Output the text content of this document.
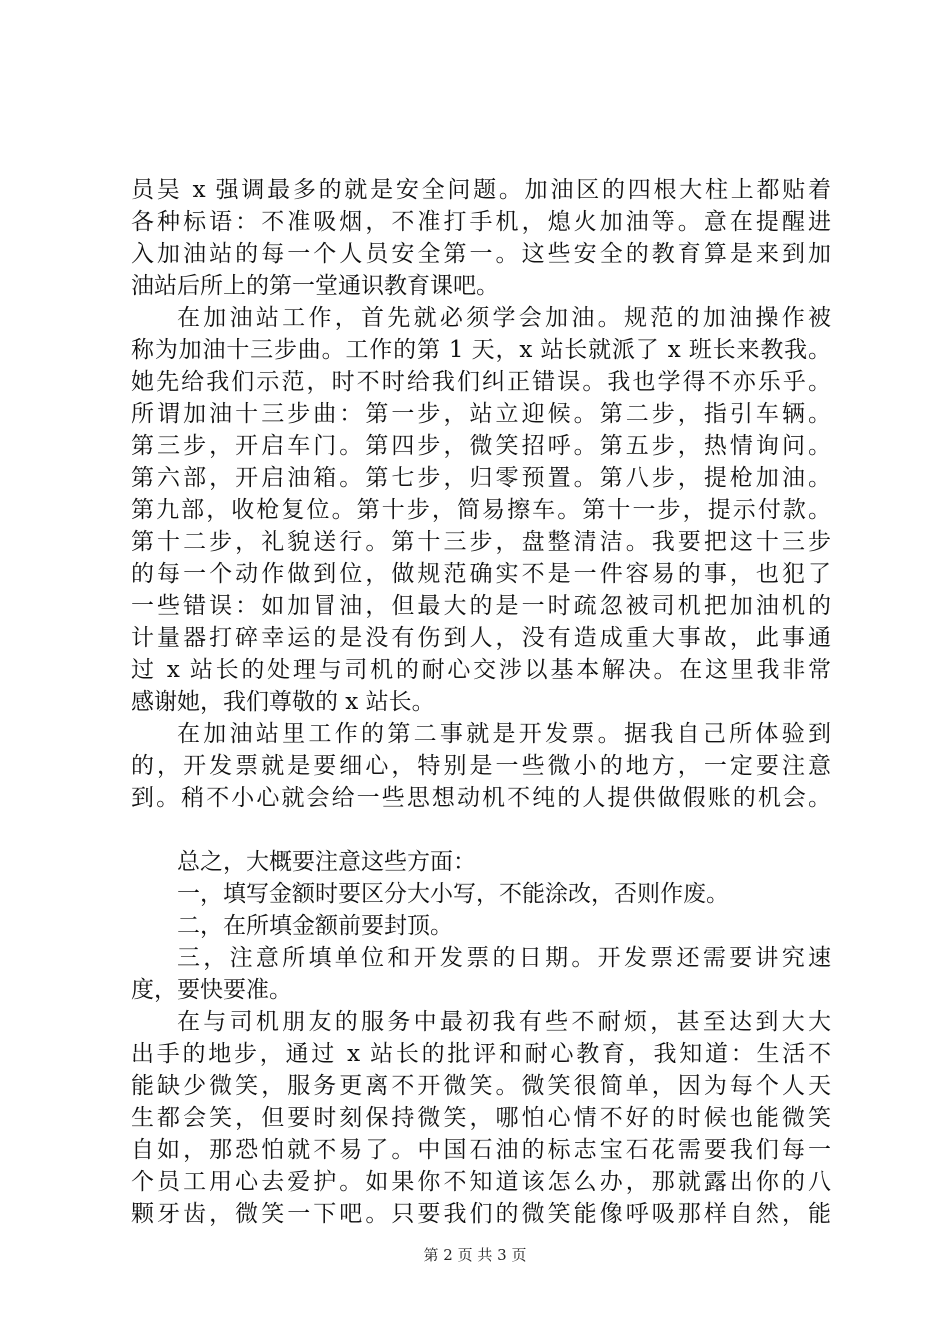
员吴 x 强调最多的就是安全问题。加油区的四根大柱上都贴着
各种标语：不准吸烟，不准打手机，熄火加油等。意在提醒进
入加油站的每一个人员安全第一。这些安全的教育算是来到加
油站后所上的第一堂通识教育课吧。
在加油站工作，首先就必须学会加油。规范的加油操作被
称为加油十三步曲。工作的第 1 天，x 站长就派了 x 班长来教我。
她先给我们示范，时不时给我们纠正错误。我也学得不亦乐乎。
所谓加油十三步曲：第一步，站立迎候。第二步，指引车辆。
第三步，开启车门。第四步，微笑招呼。第五步，热情询问。
第六部，开启油箱。第七步，归零预置。第八步，提枪加油。
第九部，收枪复位。第十步，简易擦车。第十一步，提示付款。
第十二步，礼貌送行。第十三步，盘整清洁。我要把这十三步
的每一个动作做到位，做规范确实不是一件容易的事，也犯了
一些错误：如加冒油，但最大的是一时疏忽被司机把加油机的
计量器打碎幸运的是没有伤到人，没有造成重大事故，此事通
过 x 站长的处理与司机的耐心交涉以基本解决。在这里我非常
感谢她，我们尊敬的 x 站长。
在加油站里工作的第二事就是开发票。据我自己所体验到
的，开发票就是要细心，特别是一些微小的地方，一定要注意
到。稍不小心就会给一些思想动机不纯的人提供做假账的机会。
总之，大概要注意这些方面：
一，填写金额时要区分大小写，不能涂改，否则作废。
二，在所填金额前要封顶。
三，注意所填单位和开发票的日期。开发票还需要讲究速
度，要快要准。
在与司机朋友的服务中最初我有些不耐烦，甚至达到大大
出手的地步，通过 x 站长的批评和耐心教育，我知道：生活不
能缺少微笑，服务更离不开微笑。微笑很简单，因为每个人天
生都会笑，但要时刻保持微笑，哪怕心情不好的时候也能微笑
自如，那恐怕就不易了。中国石油的标志宝石花需要我们每一
个员工用心去爱护。如果你不知道该怎么办，那就露出你的八
颗牙齿，微笑一下吧。只要我们的微笑能像呼吸那样自然，能
第 2 页 共 3 页
